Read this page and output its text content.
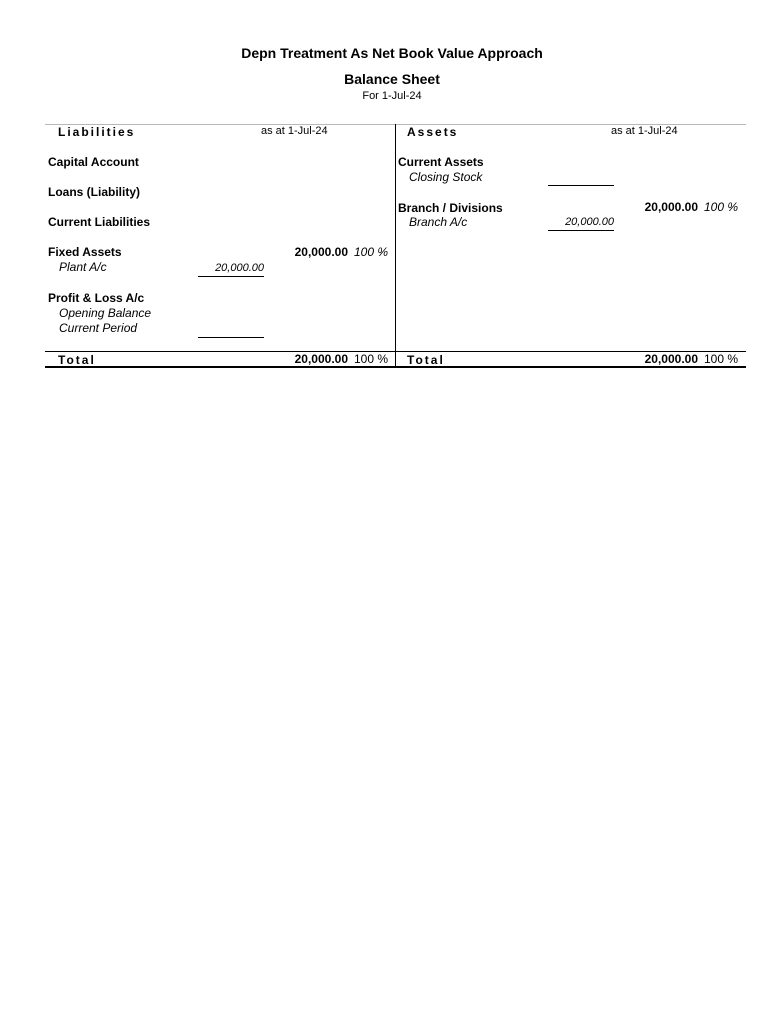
Depn Treatment As Net Book Value Approach
Balance Sheet
For 1-Jul-24
Liabilities	as at 1-Jul-24
Capital Account
Loans (Liability)
Current Liabilities
Fixed Assets	20,000.00 100 %
Plant A/c	20,000.00
Profit & Loss A/c
Opening Balance
Current Period
Total	20,000.00 100 %
Assets	as at 1-Jul-24
Current Assets
Closing Stock
Branch / Divisions	20,000.00 100 %
Branch A/c	20,000.00
Total	20,000.00 100 %
